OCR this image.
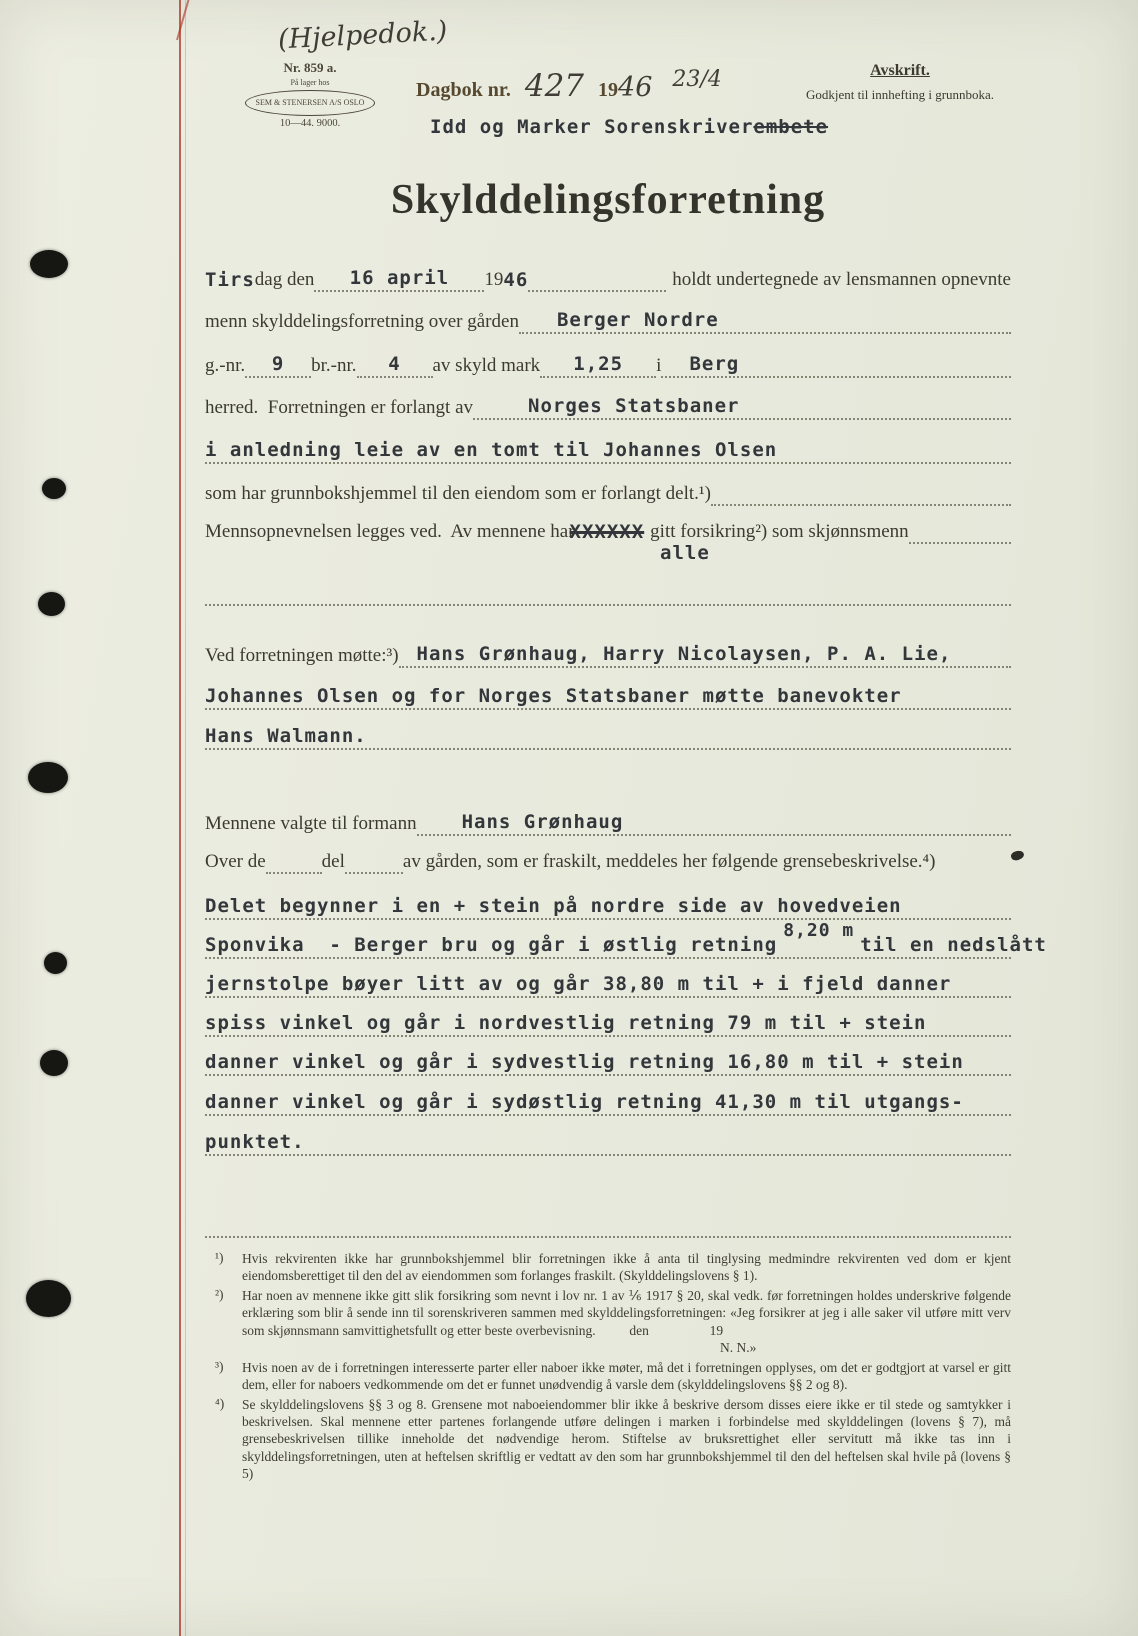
(Hjelpedok.)
Nr. 859 a.
På lager hos
SEM & STENERSEN A/S OSLO
10—44. 9000.
Dagbok nr. 427 1946 23/4
Idd og Marker Sorenskriverembete
Avskrift.
Godkjent til innhefting i grunnboka.
Skylddelingsforretning
Tirs dag den 16 april 19 46	holdt undertegnede av lensmannen opnevnte
menn skylddelingsforretning over gården Berger Nordre
g.-nr. 9 br.-nr. 4 av skyld mark 1,25 i Berg
herred.  Forretningen er forlangt av	Norges Statsbaner
i anledning leie av en tomt til Johannes Olsen
som har grunnbokshjemmel til den eiendom som er forlangt delt.¹)
Mennsopnevnelsen legges ved.  Av mennene har
XXXXXX gitt forsikring²) som skjønnsmenn
alle
Ved forretningen møtte:³) Hans Grønhaug, Harry Nicolaysen, P. A. Lie,
Johannes Olsen og for Norges Statsbaner møtte banevokter
Hans Walmann.
Mennene valgte til formann Hans Grønhaug
Over de	del	av gården, som er fraskilt, meddeles her følgende grensebeskrivelse.⁴)
Delet begynner i en + stein på nordre side av hovedveien
Sponvika  - Berger bru og går i østlig retning
8,20 m
til en nedslått
jernstolpe bøyer litt av og går 38,80 m til + i fjeld danner
spiss vinkel og går i nordvestlig retning 79 m til + stein
danner vinkel og går i sydvestlig retning 16,80 m til + stein
danner vinkel og går i sydøstlig retning 41,30 m til utgangs-
punktet.
¹)	Hvis rekvirenten ikke har grunnbokshjemmel blir forretningen ikke å anta til tinglysing medmindre rekvirenten ved dom er kjent eiendomsberettiget til den del av eiendommen som forlanges fraskilt. (Skylddelingslovens § 1).
²)	Har noen av mennene ikke gitt slik forsikring som nevnt i lov nr. 1 av ⅙ 1917 § 20, skal vedk. før forretningen holdes underskrive følgende erklæring som blir å sende inn til sorenskriveren sammen med skylddelingsforretningen: «Jeg forsikrer at jeg i alle saker vil utføre mitt verv som skjønnsmann samvittighetsfullt og etter beste overbevisning.          den                  19
N. N.»
³)	Hvis noen av de i forretningen interesserte parter eller naboer ikke møter, må det i forretningen opplyses, om det er godtgjort at varsel er gitt dem, eller for naboers vedkommende om det er funnet unødvendig å varsle dem (skylddelingslovens §§ 2 og 8).
⁴)	Se skylddelingslovens §§ 3 og 8. Grensene mot naboeiendommer blir ikke å beskrive dersom disses eiere ikke er til stede og samtykker i beskrivelsen. Skal mennene etter partenes forlangende utføre delingen i marken i forbindelse med skylddelingen (lovens § 7), må grensebeskrivelsen tillike inneholde det nødvendige herom. Stiftelse av bruksrettighet eller servitutt må ikke tas inn i skylddelingsforretningen, uten at heftelsen skriftlig er vedtatt av den som har grunnbokshjemmel til den del heftelsen skal hvile på (lovens § 5)
